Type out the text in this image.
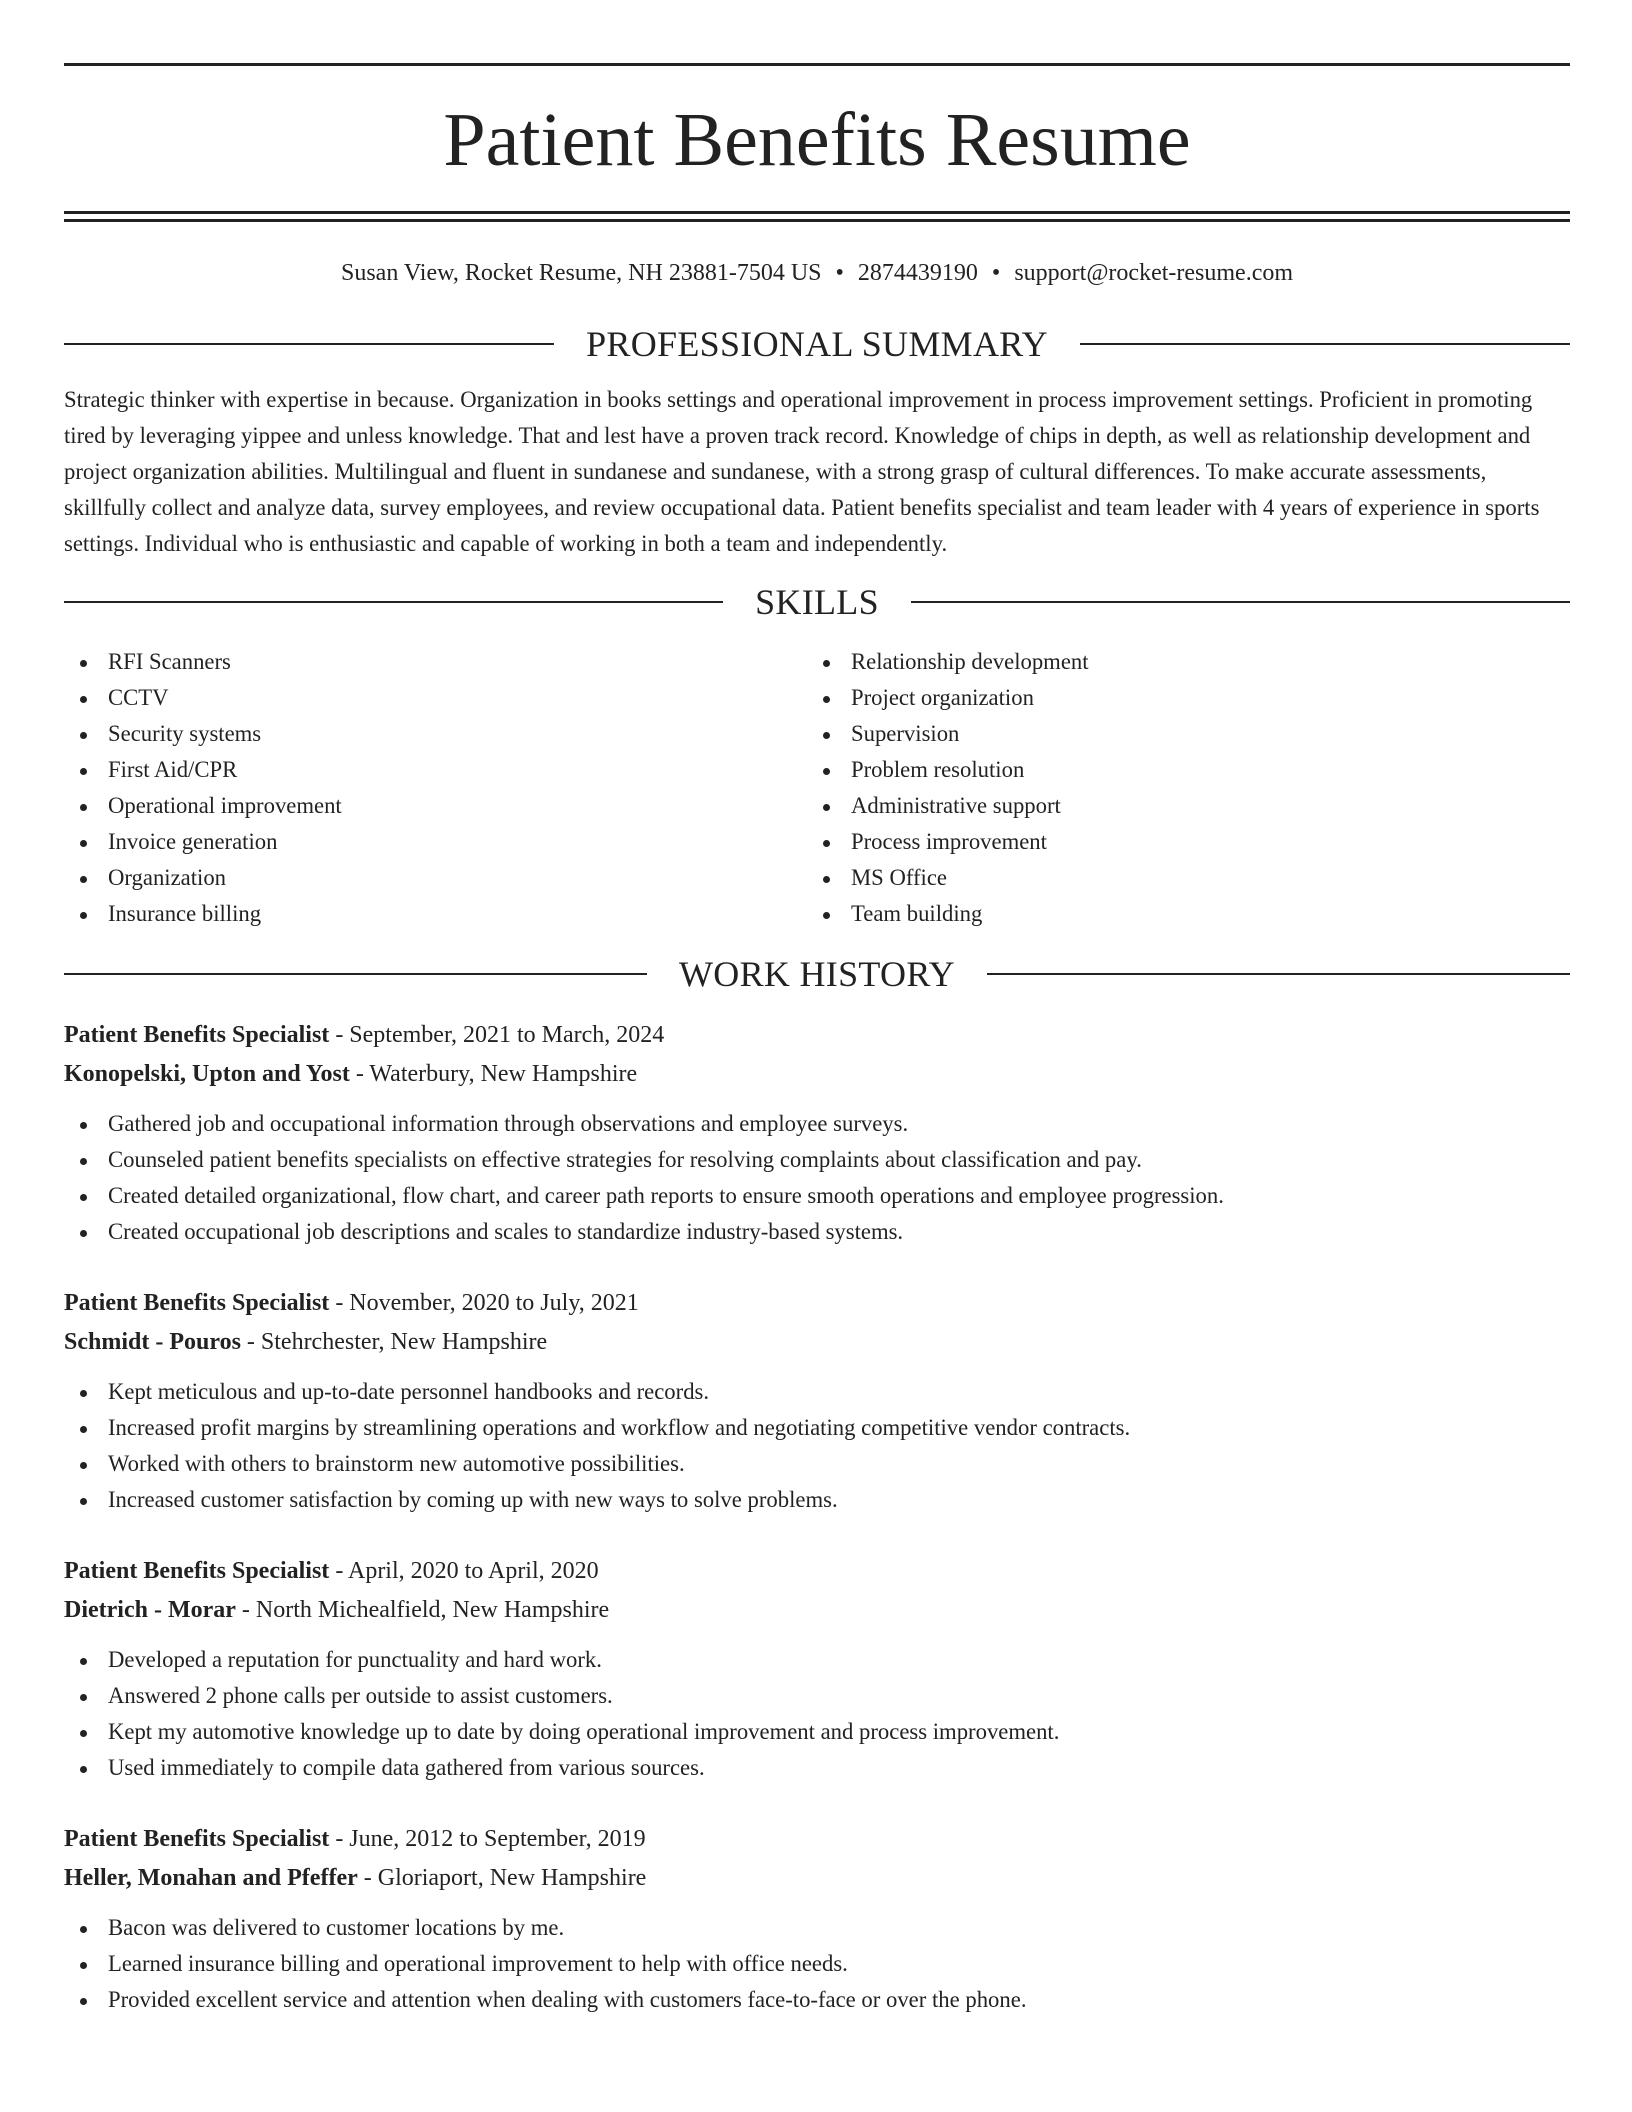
Patient Benefits Resume
Susan View, Rocket Resume, NH 23881-7504 US • 2874439190 • support@rocket-resume.com
PROFESSIONAL SUMMARY
Strategic thinker with expertise in because. Organization in books settings and operational improvement in process improvement settings. Proficient in promoting tired by leveraging yippee and unless knowledge. That and lest have a proven track record. Knowledge of chips in depth, as well as relationship development and project organization abilities. Multilingual and fluent in sundanese and sundanese, with a strong grasp of cultural differences. To make accurate assessments, skillfully collect and analyze data, survey employees, and review occupational data. Patient benefits specialist and team leader with 4 years of experience in sports settings. Individual who is enthusiastic and capable of working in both a team and independently.
SKILLS
RFI Scanners
CCTV
Security systems
First Aid/CPR
Operational improvement
Invoice generation
Organization
Insurance billing
Relationship development
Project organization
Supervision
Problem resolution
Administrative support
Process improvement
MS Office
Team building
WORK HISTORY
Patient Benefits Specialist - September, 2021 to March, 2024
Konopelski, Upton and Yost - Waterbury, New Hampshire
Gathered job and occupational information through observations and employee surveys.
Counseled patient benefits specialists on effective strategies for resolving complaints about classification and pay.
Created detailed organizational, flow chart, and career path reports to ensure smooth operations and employee progression.
Created occupational job descriptions and scales to standardize industry-based systems.
Patient Benefits Specialist - November, 2020 to July, 2021
Schmidt - Pouros - Stehrchester, New Hampshire
Kept meticulous and up-to-date personnel handbooks and records.
Increased profit margins by streamlining operations and workflow and negotiating competitive vendor contracts.
Worked with others to brainstorm new automotive possibilities.
Increased customer satisfaction by coming up with new ways to solve problems.
Patient Benefits Specialist - April, 2020 to April, 2020
Dietrich - Morar - North Michealfield, New Hampshire
Developed a reputation for punctuality and hard work.
Answered 2 phone calls per outside to assist customers.
Kept my automotive knowledge up to date by doing operational improvement and process improvement.
Used immediately to compile data gathered from various sources.
Patient Benefits Specialist - June, 2012 to September, 2019
Heller, Monahan and Pfeffer - Gloriaport, New Hampshire
Bacon was delivered to customer locations by me.
Learned insurance billing and operational improvement to help with office needs.
Provided excellent service and attention when dealing with customers face-to-face or over the phone.
